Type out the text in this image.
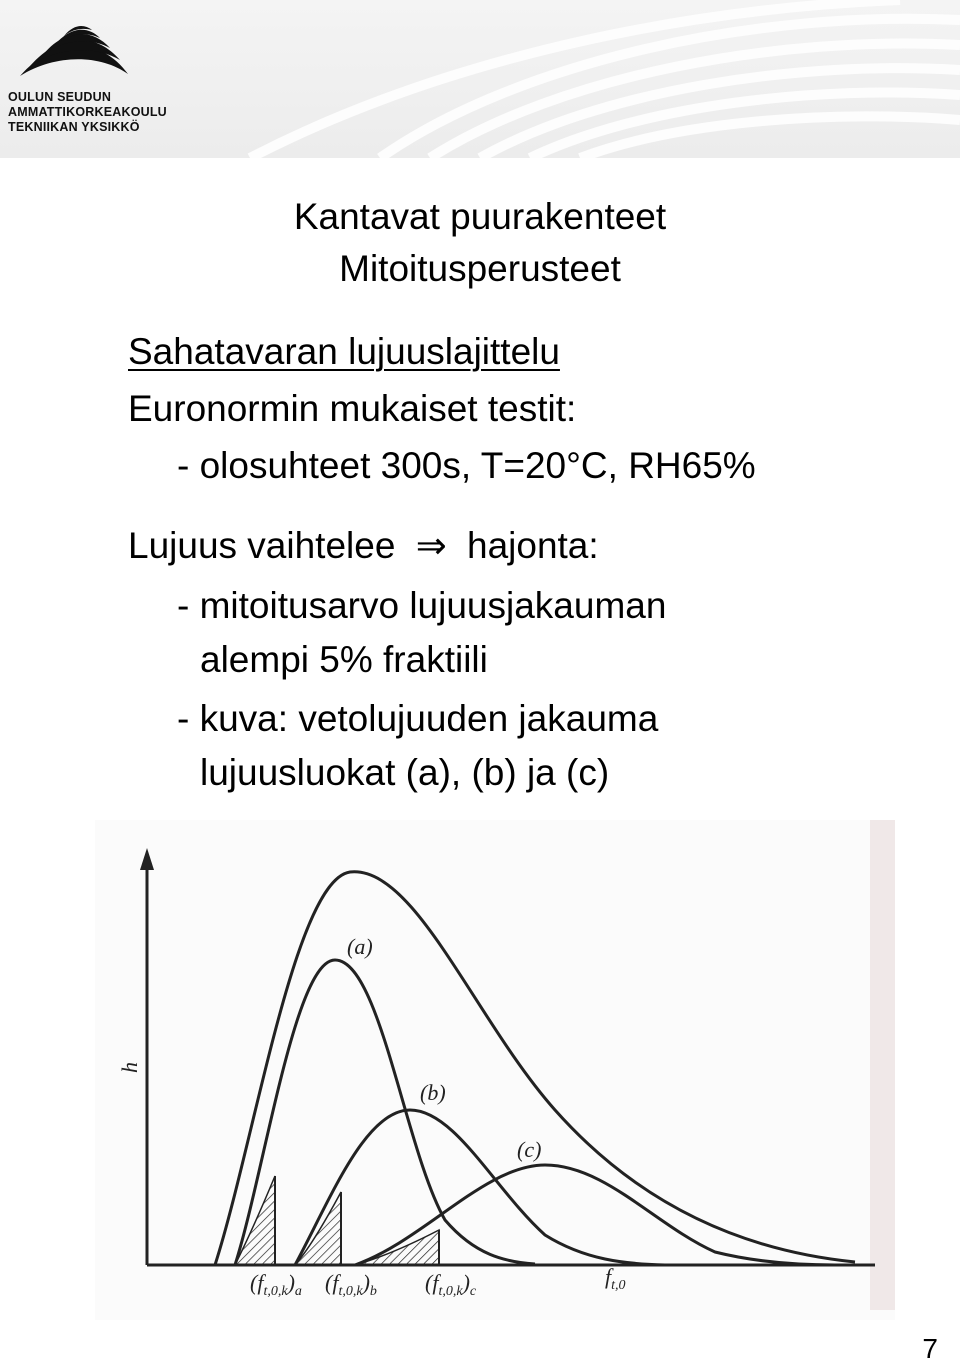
OULUN SEUDUN
AMMATTIKORKEAKOULU
TEKNIIKAN YKSIKKÖ
Kantavat puurakenteet
Mitoitusperusteet
Sahatavaran lujuuslajittelu
Euronormin mukaiset testit:
- olosuhteet 300s, T=20°C, RH65%
Lujuus vaihtelee ⇒ hajonta:
- mitoitusarvo lujuusjakauman
alempi 5% fraktiili
- kuva: vetolujuuden jakauma
lujuusluokat (a), (b) ja (c)
h
(a)
(b)
(c)
$(f_{t,0,k})_a$ $(f_{t,0,k})_b$ $(f_{t,0,k})_c$
$f_{t,0}$
7
